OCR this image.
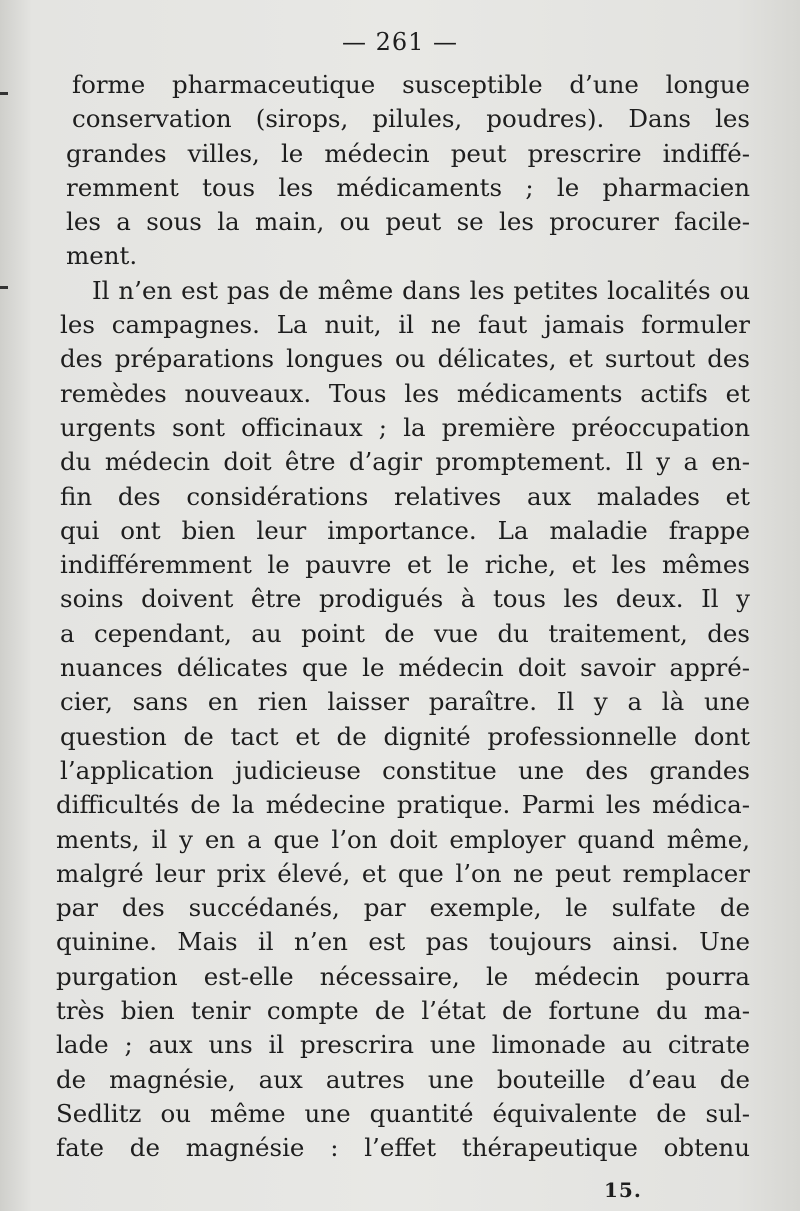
— 261 —
forme pharmaceutique susceptible d’une longue
conservation (sirops, pilules, poudres). Dans les
grandes villes, le médecin peut prescrire indiffé-
remment tous les médicaments ; le pharmacien
les a sous la main, ou peut se les procurer facile-
ment.
Il n’en est pas de même dans les petites localités ou
les campagnes. La nuit, il ne faut jamais formuler
des préparations longues ou délicates, et surtout des
remèdes nouveaux. Tous les médicaments actifs et
urgents sont officinaux ; la première préoccupation
du médecin doit être d’agir promptement. Il y a en-
fin des considérations relatives aux malades et
qui ont bien leur importance. La maladie frappe
indifféremment le pauvre et le riche, et les mêmes
soins doivent être prodigués à tous les deux. Il y
a cependant, au point de vue du traitement, des
nuances délicates que le médecin doit savoir appré-
cier, sans en rien laisser paraître. Il y a là une
question de tact et de dignité professionnelle dont
l’application judicieuse constitue une des grandes
difficultés de la médecine pratique. Parmi les médica-
ments, il y en a que l’on doit employer quand même,
malgré leur prix élevé, et que l’on ne peut remplacer
par des succédanés, par exemple, le sulfate de
quinine. Mais il n’en est pas toujours ainsi. Une
purgation est-elle nécessaire, le médecin pourra
très bien tenir compte de l’état de fortune du ma-
lade ; aux uns il prescrira une limonade au citrate
de magnésie, aux autres une bouteille d’eau de
Sedlitz ou même une quantité équivalente de sul-
fate de magnésie : l’effet thérapeutique obtenu
15.
